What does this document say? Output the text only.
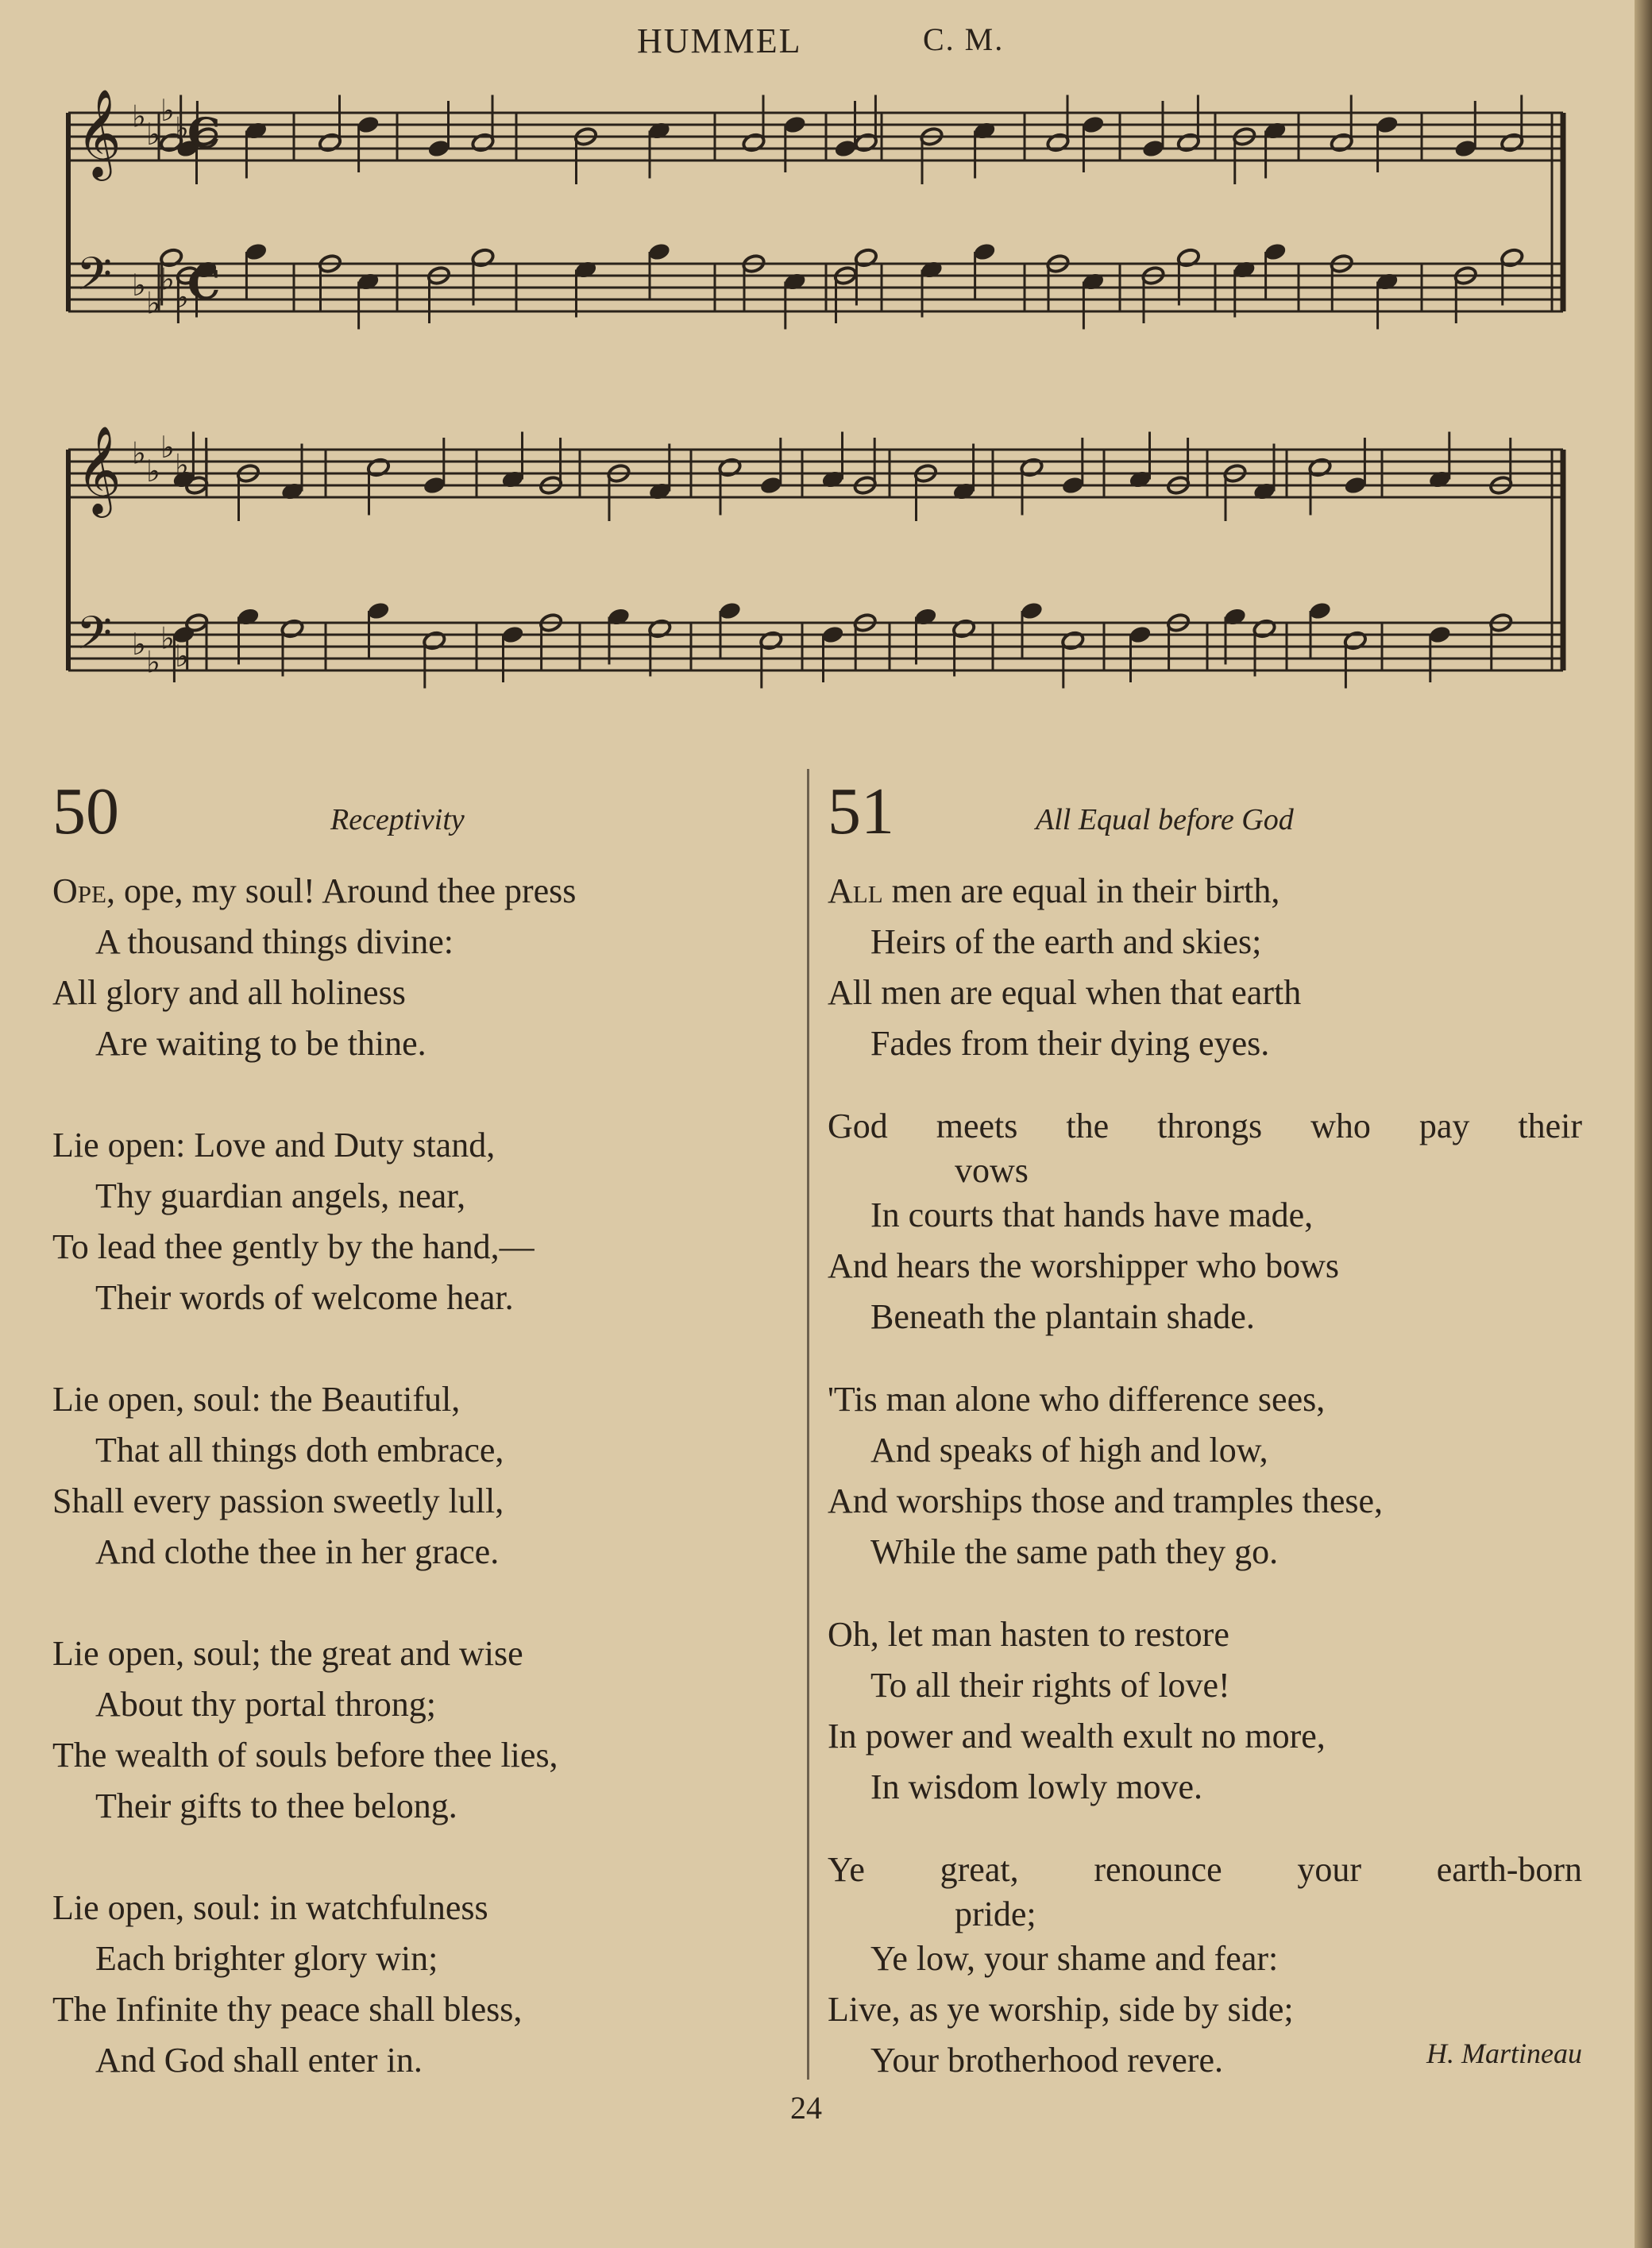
HUMMEL	C. M.
𝄞 ♭
♭
♭
♭
C
𝄢 ♭
♭
♭
♭
C
𝄞 ♭
♭
♭
♭
𝄢 ♭
♭
♭
♭
50	Receptivity
Ope, ope, my soul! Around thee press
A thousand things divine:
All glory and all holiness
Are waiting to be thine.
Lie open: Love and Duty stand,
Thy guardian angels, near,
To lead thee gently by the hand,—
Their words of welcome hear.
Lie open, soul: the Beautiful,
That all things doth embrace,
Shall every passion sweetly lull,
And clothe thee in her grace.
Lie open, soul; the great and wise
About thy portal throng;
The wealth of souls before thee lies,
Their gifts to thee belong.
Lie open, soul: in watchfulness
Each brighter glory win;
The Infinite thy peace shall bless,
And God shall enter in.
51	All Equal before God
All men are equal in their birth,
Heirs of the earth and skies;
All men are equal when that earth
Fades from their dying eyes.
God meets the throngs who pay their
vows
In courts that hands have made,
And hears the worshipper who bows
Beneath the plantain shade.
'Tis man alone who difference sees,
And speaks of high and low,
And worships those and tramples these,
While the same path they go.
Oh, let man hasten to restore
To all their rights of love!
In power and wealth exult no more,
In wisdom lowly move.
Ye great, renounce your earth-born
pride;
Ye low, your shame and fear:
Live, as ye worship, side by side;
Your brotherhood revere.	H. Martineau
24
